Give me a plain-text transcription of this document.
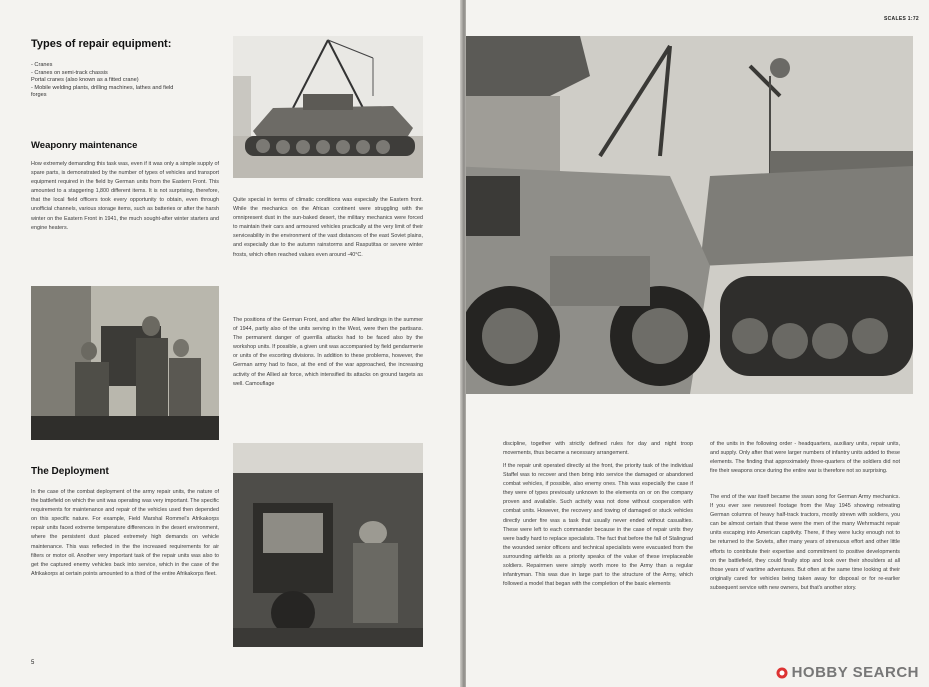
Types of repair equipment:
- Cranes
- Cranes on semi-track chassis
Portal cranes (also known as a fitted crane)
- Mobile welding plants, drilling machines, lathes and field
forges
Weaponry maintenance

How extremely demanding this task was, even if it was only a simple supply of spare parts, is demonstrated by the number of types of vehicles and transport equipment required in the field by German units from the Eastern Front. This amounted to a staggering 1,800 different items. It is not surprising, therefore, that the local field officers took every opportunity to obtain, even through unofficial channels, various storage items, such as batteries or after the harsh winter on the Eastern Front in 1941, the much sought-after winter starters and engine heaters.

Quite special in terms of climatic conditions was especially the Eastern front. While the mechanics on the African continent were struggling with the omnipresent dust in the sun-baked desert, the military mechanics were forced to maintain their cars and armoured vehicles practically at the very limit of their serviceability in the environment of the vast distances of the east Soviet plains, and especially due to the autumn rainstorms and Rasputitsa or severe winter frosts, which often reached values even around -40°C.

The positions of the German Front, and after the Allied landings in the summer of 1944, partly also of the units serving in the West, were then the partisans. The permanent danger of guerrilla attacks had to be faced also by the workshop units. If possible, a given unit was accompanied by field gendarmerie or units of the escorting divisions. In addition to these problems, however, the German army had to face, at the end of the war approached, the increasing activity of the Allied air force, which intensified its attacks on ground targets as well. Camouflage

The Deployment

In the case of the combat deployment of the army repair units, the nature of the battlefield on which the unit was operating was very important. The specific requirements for maintenance and repair of the vehicles used then depended on this specific nature. For example, Field Marshal Rommel's Afrikakorps repair units faced extreme temperature differences in the desert environment, where the persistent dust placed extremely high demands on vehicle maintenance. This was reflected in the the increased requirements for air filters or motor oil. Another very important task of the repair units was also to get the captured enemy vehicles back into service, which in the case of the Afrikakorps at certain points amounted to a third of the entire Afrikakorps fleet.

5
SCALES 1:72

discipline, together with strictly defined rules for day and night troop movements, thus became a necessary arrangement.

If the repair unit operated directly at the front, the priority task of the individual Staffel was to recover and then bring into service the damaged or abandoned combat vehicles, if possible, also enemy ones. This was especially the case if they were of types previously unknown to the elements on or on the company proven and available. Such activity was not done without cooperation with combat units. However, the recovery and towing of damaged or stuck vehicles directly under fire was a task that usually never ended without casualties. These were left to each commander because in the case of repair units they were badly hard to replace specialists. The fact that before the fall of Stalingrad the wounded senior officers and technical specialists were evacuated from the surrounding airfields as a priority speaks of the value of these irreplaceable soldiers. Repairmen were simply worth more to the Army than a regular infantryman. This was due in large part to the structure of the Army, which followed a model that began with the completion of the basic elements

of the units in the following order - headquarters, auxiliary units, repair units, and supply. Only after that were larger numbers of infantry units added to these elements. The finding that approximately three-quarters of the soldiers did not fire their weapons once during the entire war is therefore not so surprising.

The end of the war itself became the swan song for German Army mechanics. If you ever see newsreel footage from the May 1945 showing retreating German columns of heavy half-track tractors, mostly strewn with soldiers, you can be almost certain that these were the men of the many Wehrmacht repair units escaping into American captivity. There, if they were lucky enough not to be returned to the Soviets, after many years of strenuous effort and other little efforts to contribute their expertise and commitment to positive developments on the battlefield, they could finally stop and look over their shoulders at all those years of wartime adventures. But often at the same time looking at their originally cared for vehicles being taken away for disposal or for re-earlier subsequent service with new owners, but that's another story.

HOBBY SEARCH
